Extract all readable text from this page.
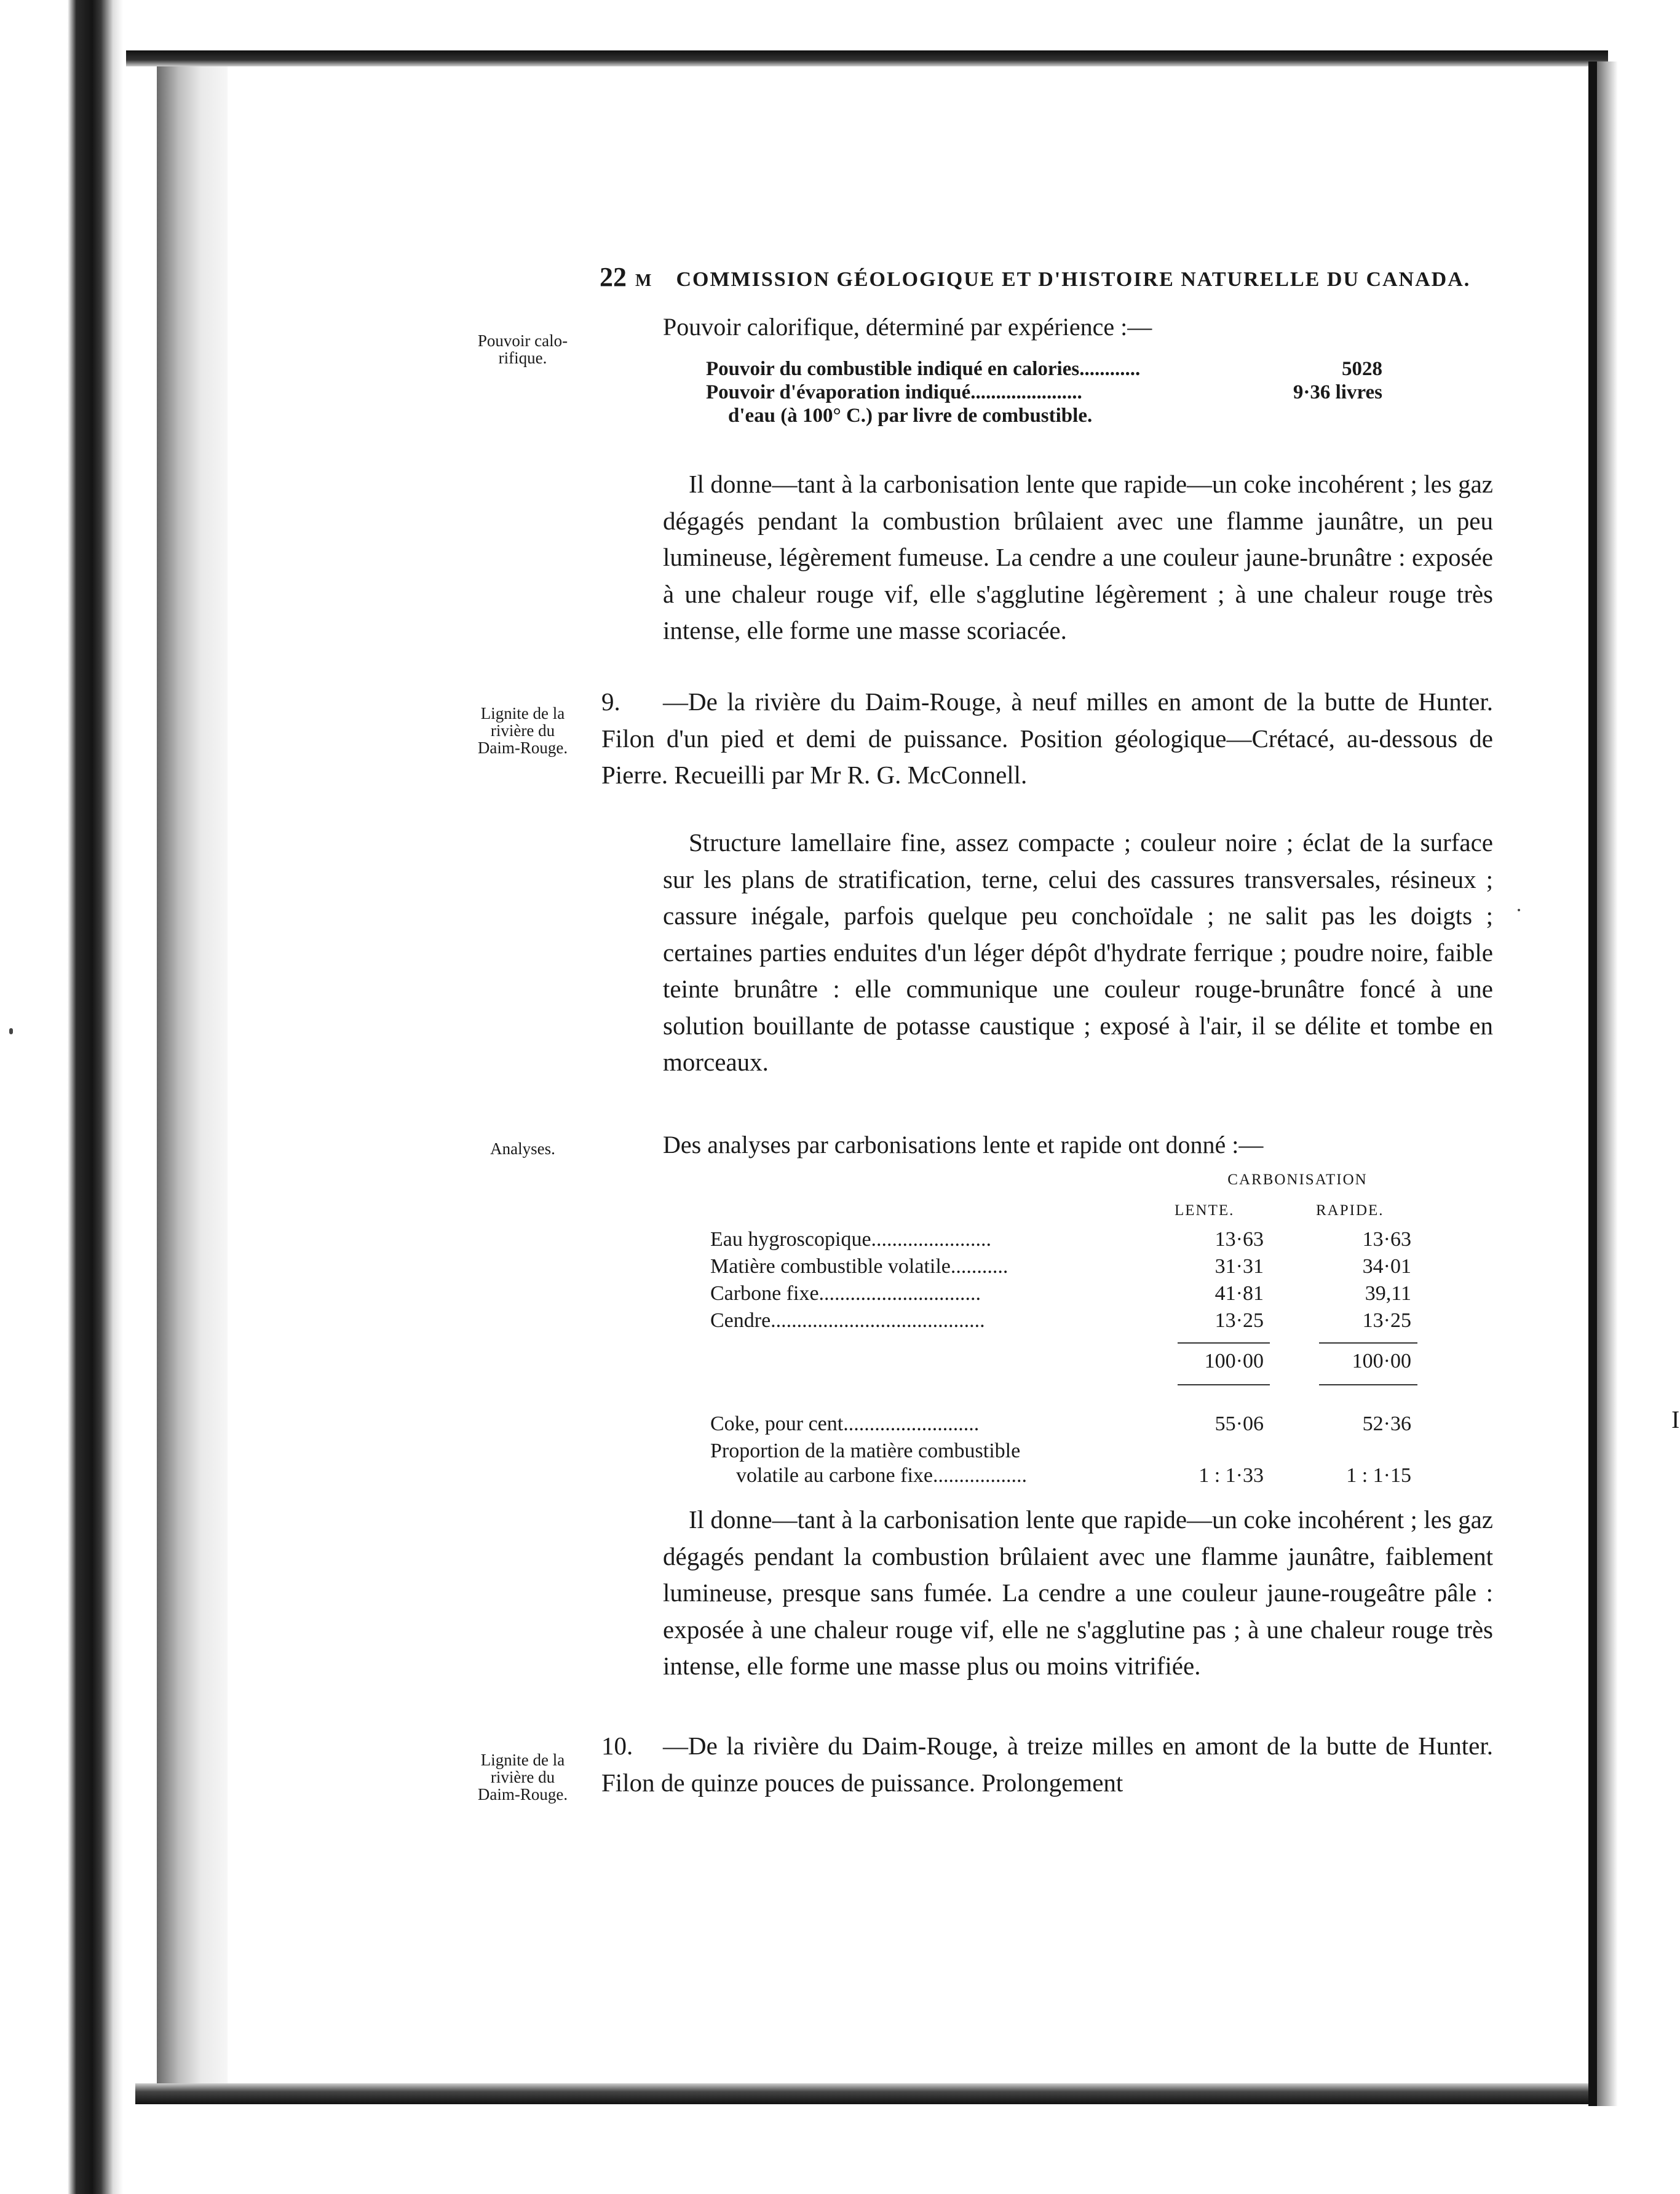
I
22 M COMMISSION GÉOLOGIQUE ET D'HISTOIRE NATURELLE DU CANADA.
Pouvoir calo-
rifique.
Lignite de la
rivière du
Daim-Rouge.
Analyses.
Lignite de la
rivière du
Daim-Rouge.
Pouvoir calorifique, déterminé par expérience :—
Pouvoir du combustible indiqué en calories............	5028
Pouvoir d'évaporation indiqué......................	9·36 livres
d'eau (à 100° C.) par livre de combustible.
Il donne—tant à la carbonisation lente que rapide—un coke incohérent ; les gaz dégagés pendant la combustion brûlaient avec une flamme jaunâtre, un peu lumineuse, légèrement fumeuse. La cendre a une couleur jaune-brunâtre : exposée à une chaleur rouge vif, elle s'agglutine légèrement ; à une chaleur rouge très intense, elle forme une masse scoriacée.
9. —De la rivière du Daim-Rouge, à neuf milles en amont de la butte de Hunter. Filon d'un pied et demi de puissance. Position géologique—Crétacé, au-dessous de Pierre. Recueilli par Mr R. G. McConnell.
Structure lamellaire fine, assez compacte ; couleur noire ; éclat de la surface sur les plans de stratification, terne, celui des cassures transversales, résineux ; cassure inégale, parfois quelque peu conchoïdale ; ne salit pas les doigts ; certaines parties enduites d'un léger dépôt d'hydrate ferrique ; poudre noire, faible teinte brunâtre : elle communique une couleur rouge-brunâtre foncé à une solution bouillante de potasse caustique ; exposé à l'air, il se délite et tombe en morceaux.
Des analyses par carbonisations lente et rapide ont donné :—
CARBONISATION
LENTE.	RAPIDE.
Eau hygroscopique.......................	13·63	13·63
Matière combustible volatile...........	31·31	34·01
Carbone fixe...............................	41·81	39,11
Cendre.........................................	13·25	13·25
100·00	100·00
Coke, pour cent..........................	55·06	52·36
Proportion de la matière combustible
volatile au carbone fixe..................	1 : 1·33	1 : 1·15
Il donne—tant à la carbonisation lente que rapide—un coke incohérent ; les gaz dégagés pendant la combustion brûlaient avec une flamme jaunâtre, faiblement lumineuse, presque sans fumée. La cendre a une couleur jaune-rougeâtre pâle : exposée à une chaleur rouge vif, elle ne s'agglutine pas ; à une chaleur rouge très intense, elle forme une masse plus ou moins vitrifiée.
10. —De la rivière du Daim-Rouge, à treize milles en amont de la butte de Hunter. Filon de quinze pouces de puissance. Prolongement
